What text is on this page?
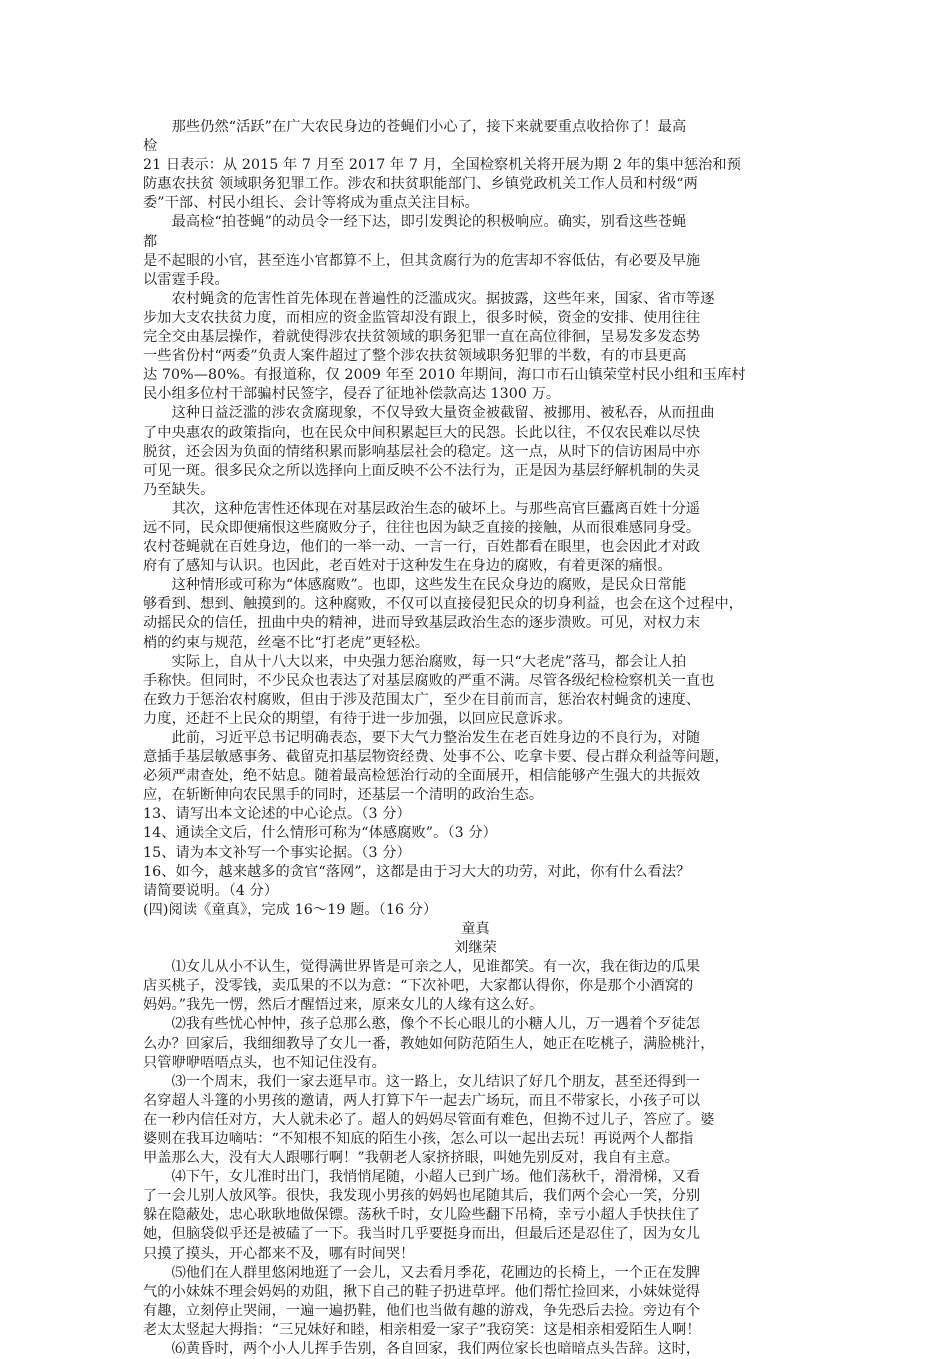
　　那些仍然“活跃”在广大农民身边的苍蝇们小心了，接下来就要重点收拾你了！最高
检
21 日表示：从 2015 年 7 月至 2017 年 7 月，全国检察机关将开展为期 2 年的集中惩治和预
防惠农扶贫 领域职务犯罪工作。涉农和扶贫职能部门、乡镇党政机关工作人员和村级“两
委”干部、村民小组长、会计等将成为重点关注目标。
　　最高检“拍苍蝇”的动员令一经下达，即引发舆论的积极响应。确实，别看这些苍蝇
都
是不起眼的小官，甚至连小官都算不上，但其贪腐行为的危害却不容低估，有必要及早施
以雷霆手段。
　　农村蝇贪的危害性首先体现在普遍性的泛滥成灾。据披露，这些年来，国家、省市等逐
步加大支农扶贫力度，而相应的资金监管却没有跟上，很多时候，资金的安排、使用往往
完全交由基层操作，着就使得涉农扶贫领域的职务犯罪一直在高位徘徊，呈易发多发态势
一些省份村“两委”负责人案件超过了整个涉农扶贫领域职务犯罪的半数，有的市县更高
达 70%—80%。有报道称，仅 2009 年至 2010 年期间，海口市石山镇荣堂村民小组和玉库村
民小组多位村干部骗村民签字，侵吞了征地补偿款高达 1300 万。
　　这种日益泛滥的涉农贪腐现象，不仅导致大量资金被截留、被挪用、被私吞，从而扭曲
了中央惠农的政策指向，也在民众中间积累起巨大的民怨。长此以往，不仅农民难以尽快
脱贫，还会因为负面的情绪积累而影响基层社会的稳定。这一点，从时下的信访困局中亦
可见一斑。很多民众之所以选择向上面反映不公不法行为，正是因为基层纾解机制的失灵
乃至缺失。
　　其次，这种危害性还体现在对基层政治生态的破坏上。与那些高官巨蠹离百姓十分遥
远不同，民众即便痛恨这些腐败分子，往往也因为缺乏直接的接触，从而很难感同身受。
农村苍蝇就在百姓身边，他们的一举一动、一言一行，百姓都看在眼里，也会因此才对政
府有了感知与认识。也因此，老百姓对于这种发生在身边的腐败，有着更深的痛恨。
　　这种情形或可称为“体感腐败”。也即，这些发生在民众身边的腐败，是民众日常能
够看到、想到、触摸到的。这种腐败，不仅可以直接侵犯民众的切身利益，也会在这个过程中，
动摇民众的信任，扭曲中央的精神，进而导致基层政治生态的逐步溃败。可见，对权力末
梢的约束与规范，丝毫不比“打老虎”更轻松。
　　实际上，自从十八大以来，中央强力惩治腐败，每一只“大老虎”落马，都会让人拍
手称快。但同时，不少民众也表达了对基层腐败的严重不满。尽管各级纪检检察机关一直也
在致力于惩治农村腐败，但由于涉及范围太广，至少在目前而言，惩治农村蝇贪的速度、
力度，还赶不上民众的期望，有待于进一步加强，以回应民意诉求。
　　此前，习近平总书记明确表态，要下大气力整治发生在老百姓身边的不良行为，对随
意插手基层敏感事务、截留克扣基层物资经费、处事不公、吃拿卡要、侵占群众利益等问题，
必须严肃查处，绝不姑息。随着最高检惩治行动的全面展开，相信能够产生强大的共振效
应，在斩断伸向农民黑手的同时，还基层一个清明的政治生态。
13、请写出本文论述的中心论点。（3 分）
14、通读全文后，什么情形可称为“体感腐败”。（3 分）
15、请为本文补写一个事实论据。（3 分）
16、如今，越来越多的贪官“落网”，这都是由于习大大的功劳，对此，你有什么看法？
请简要说明。（4 分）
(四)阅读《童真》，完成 16～19 题。（16 分）
童真
刘继荣
　　⑴女儿从小不认生，觉得满世界皆是可亲之人，见谁都笑。有一次，我在街边的瓜果
店买桃子，没零钱，卖瓜果的不以为意：“下次补吧，大家都认得你，你是那个小酒窝的
妈妈。”我先一愣，然后才醒悟过来，原来女儿的人缘有这么好。
　　⑵我有些忧心忡忡，孩子总那么憨，像个不长心眼儿的小糖人儿，万一遇着个歹徒怎
么办？回家后，我细细教导了女儿一番，教她如何防范陌生人，她正在吃桃子，满脸桃汁，
只管咿咿唔唔点头，也不知记住没有。
　　⑶一个周末，我们一家去逛早市。这一路上，女儿结识了好几个朋友，甚至还得到一
名穿超人斗篷的小男孩的邀请，两人打算下午一起去广场玩，而且不带家长，小孩子可以
在一秒内信任对方，大人就未必了。超人的妈妈尽管面有难色，但拗不过儿子，答应了。婆
婆则在我耳边嘀咕：“不知根不知底的陌生小孩，怎么可以一起出去玩！再说两个人都指
甲盖那么大，没有大人跟哪行啊！”我朝老人家挤挤眼，叫她先别反对，我自有主意。
　　⑷下午，女儿准时出门，我悄悄尾随，小超人已到广场。他们荡秋千，滑滑梯，又看
了一会儿别人放风筝。很快，我发现小男孩的妈妈也尾随其后，我们两个会心一笑，分别
躲在隐蔽处，忠心耿耿地做保镖。荡秋千时，女儿险些翻下吊椅，幸亏小超人手快扶住了
她，但脑袋似乎还是被磕了一下。我当时几乎要挺身而出，但最后还是忍住了，因为女儿
只摸了摸头，开心都来不及，哪有时间哭！
　　⑸他们在人群里悠闲地逛了一会儿，又去看月季花，花圃边的长椅上，一个正在发脾
气的小妹妹不理会妈妈的劝阻，揪下自己的鞋子扔进草坪。他们帮忙捡回来，小妹妹觉得
有趣，立刻停止哭闹，一遍一遍扔鞋，他们也当做有趣的游戏，争先恐后去捡。旁边有个
老太太竖起大拇指：“三兄妹好和睦，相亲相爱一家子”我窃笑：这是相亲相爱陌生人啊！
　　⑹黄昏时，两个小人儿挥手告别，各自回家，我们两位家长也暗暗点头告辞。这时，
